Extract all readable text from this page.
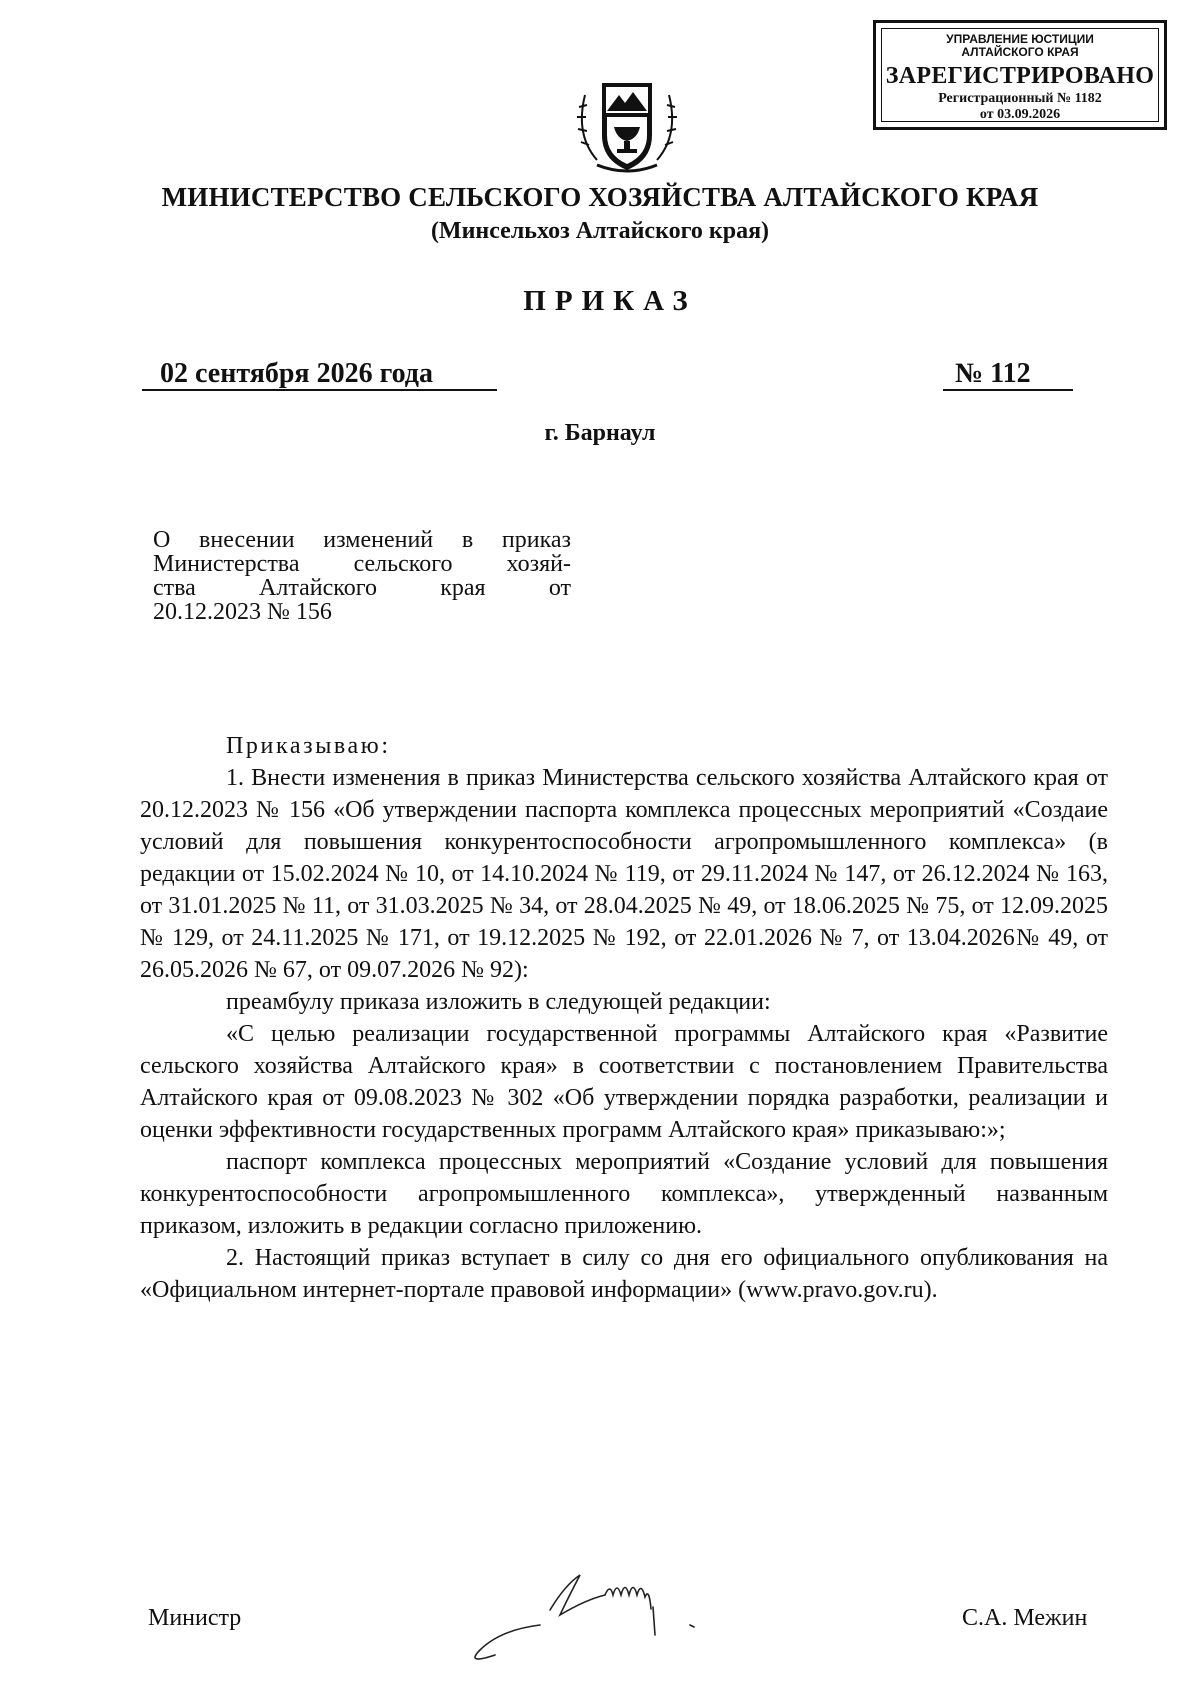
УПРАВЛЕНИЕ ЮСТИЦИИ
АЛТАЙСКОГО КРАЯ
ЗАРЕГИСТРИРОВАНО
Регистрационный № 1182
от 03.09.2026
МИНИСТЕРСТВО СЕЛЬСКОГО ХОЗЯЙСТВА АЛТАЙСКОГО КРАЯ
(Минсельхоз Алтайского края)
ПРИКАЗ
02 сентября 2026 года	№ 112
г. Барнаул
О внесении изменений в приказ
Министерства сельского хозяй-
ства Алтайского края от
20.12.2023 № 156

Приказываю:

1. Внести изменения в приказ Министерства сельского хозяйства Алтайского края от 20.12.2023 № 156 «Об утверждении паспорта комплекса процессных мероприятий «Создаие условий для повышения конкурентоспособности агропромышленного комплекса» (в редакции от 15.02.2024 № 10, от 14.10.2024 № 119, от 29.11.2024 № 147, от 26.12.2024 № 163, от 31.01.2025 № 11, от 31.03.2025 № 34, от 28.04.2025 № 49, от 18.06.2025 № 75, от 12.09.2025 № 129, от 24.11.2025 № 171, от 19.12.2025 № 192, от 22.01.2026 № 7, от 13.04.2026№ 49, от 26.05.2026 № 67, от 09.07.2026 № 92):

преамбулу приказа изложить в следующей редакции:

«С целью реализации государственной программы Алтайского края «Развитие сельского хозяйства Алтайского края» в соответствии с постановлением Правительства Алтайского края от 09.08.2023 № 302 «Об утверждении порядка разработки, реализации и оценки эффективности государственных программ Алтайского края» приказываю:»;

паспорт комплекса процессных мероприятий «Создание условий для повышения конкурентоспособности агропромышленного комплекса», утвержденный названным приказом, изложить в редакции согласно приложению.

2. Настоящий приказ вступает в силу со дня его официального опубликования на «Официальном интернет-портале правовой информации» (www.pravo.gov.ru).

Министр	С.А. Межин
